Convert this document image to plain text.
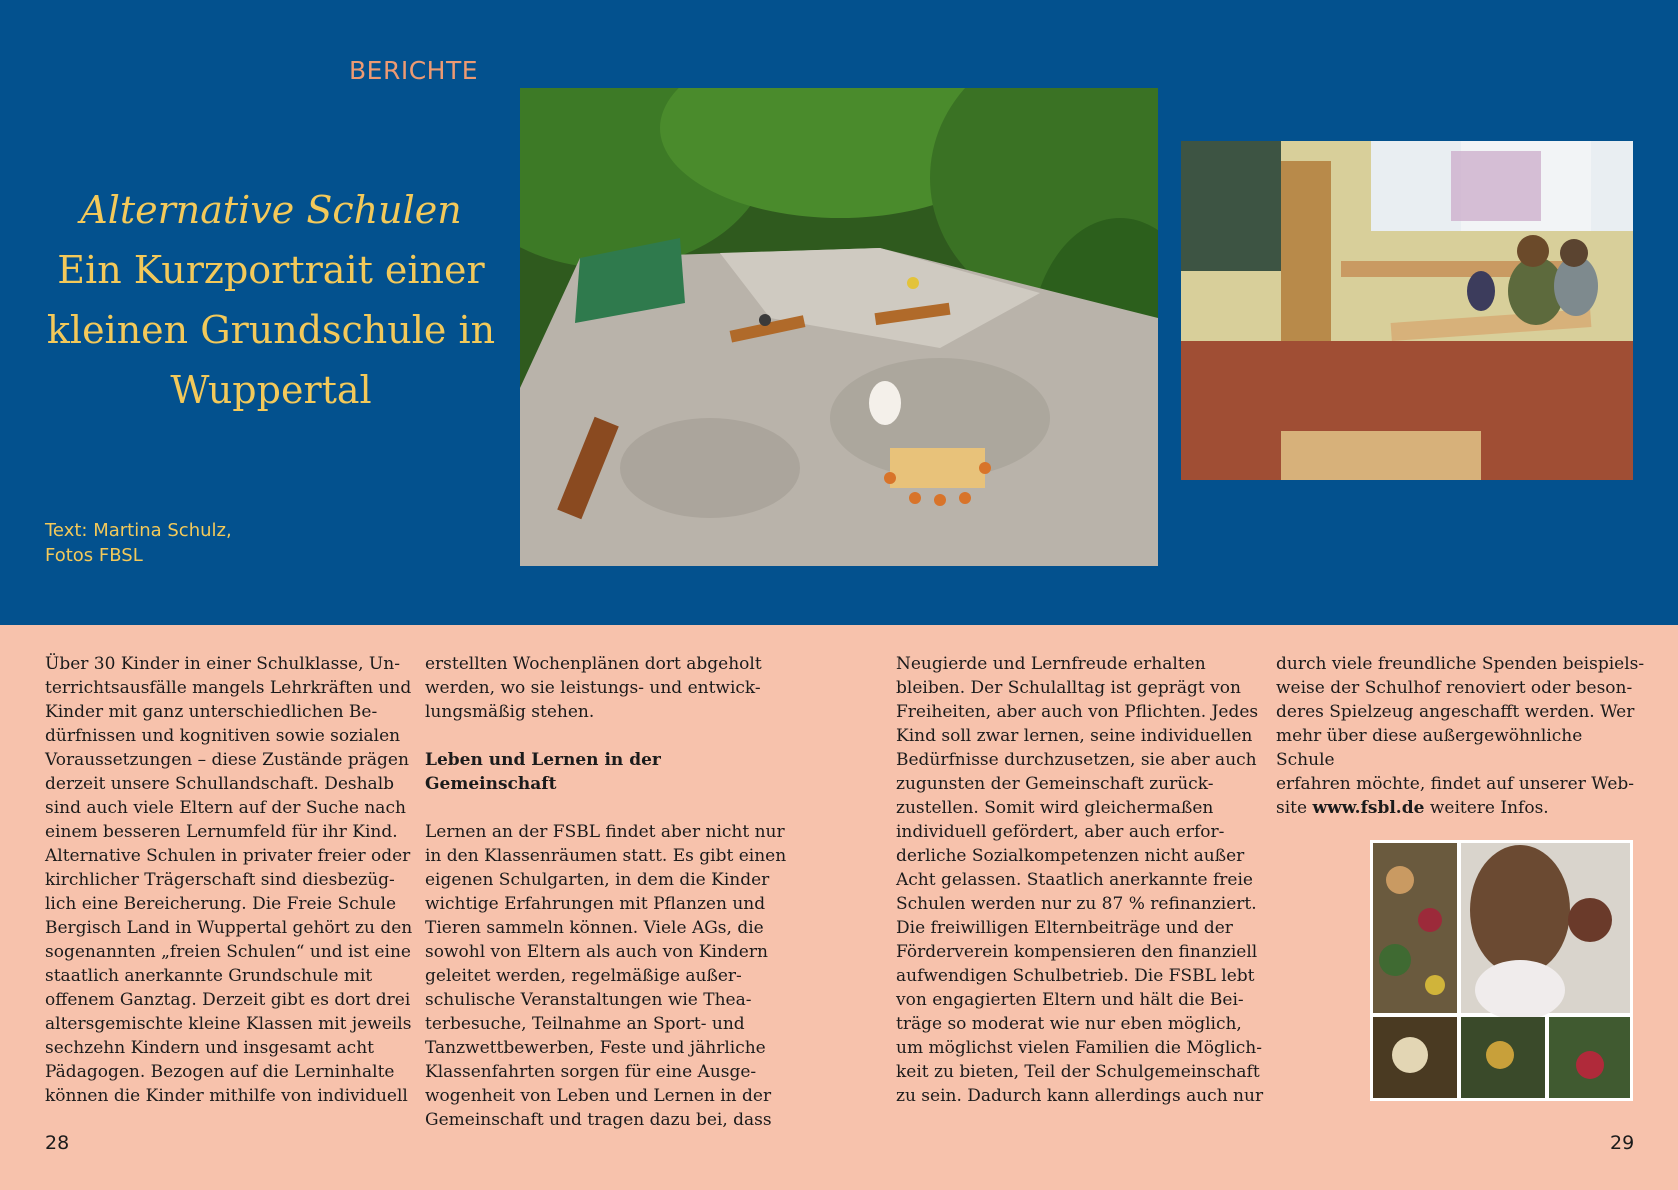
BERICHTE
Alternative Schulen
Ein Kurzportrait einer
kleinen Grundschule in
Wuppertal
Text: Martina Schulz,
Fotos FBSL

Über 30 Kinder in einer Schulklasse, Un-

terrichtsausfälle mangels Lehrkräften und

Kinder mit ganz unterschiedlichen Be-

dürfnissen und kognitiven sowie sozialen

Voraussetzungen – diese Zustände prägen

derzeit unsere Schullandschaft. Deshalb

sind auch viele Eltern auf der Suche nach

einem besseren Lernumfeld für ihr Kind.

Alternative Schulen in privater freier oder

kirchlicher Trägerschaft sind diesbezüg-

lich eine Bereicherung. Die Freie Schule

Bergisch Land in Wuppertal gehört zu den

sogenannten „freien Schulen“ und ist eine

staatlich anerkannte Grundschule mit

offenem Ganztag. Derzeit gibt es dort drei

altersgemischte kleine Klassen mit jeweils

sechzehn Kindern und insgesamt acht

Pädagogen. Bezogen auf die Lerninhalte

können die Kinder mithilfe von individuell

erstellten Wochenplänen dort abgeholt

werden, wo sie leistungs- und entwick-

lungsmäßig stehen.

Leben und Lernen in der Gemeinschaft

Lernen an der FSBL findet aber nicht nur

in den Klassenräumen statt. Es gibt einen

eigenen Schulgarten, in dem die Kinder

wichtige Erfahrungen mit Pflanzen und

Tieren sammeln können. Viele AGs, die

sowohl von Eltern als auch von Kindern

geleitet werden, regelmäßige außer-

schulische Veranstaltungen wie Thea-

terbesuche, Teilnahme an Sport- und

Tanzwettbewerben, Feste und jährliche

Klassenfahrten sorgen für eine Ausge-

wogenheit von Leben und Lernen in der

Gemeinschaft und tragen dazu bei, dass

Neugierde und Lernfreude erhalten

bleiben. Der Schulalltag ist geprägt von

Freiheiten, aber auch von Pflichten. Jedes

Kind soll zwar lernen, seine individuellen

Bedürfnisse durchzusetzen, sie aber auch

zugunsten der Gemeinschaft zurück-

zustellen. Somit wird gleichermaßen

individuell gefördert, aber auch erfor-

derliche Sozialkompetenzen nicht außer

Acht gelassen. Staatlich anerkannte freie

Schulen werden nur zu 87 % refinanziert.

Die freiwilligen Elternbeiträge und der

Förderverein kompensieren den finanziell

aufwendigen Schulbetrieb. Die FSBL lebt

von engagierten Eltern und hält die Bei-

träge so moderat wie nur eben möglich,

um möglichst vielen Familien die Möglich-

keit zu bieten, Teil der Schulgemeinschaft

zu sein. Dadurch kann allerdings auch nur

durch viele freundliche Spenden beispiels-

weise der Schulhof renoviert oder beson-

deres Spielzeug angeschafft werden. Wer

mehr über diese außergewöhnliche Schule

erfahren möchte, findet auf unserer Web-

site www.fsbl.de weitere Infos.

28	29
